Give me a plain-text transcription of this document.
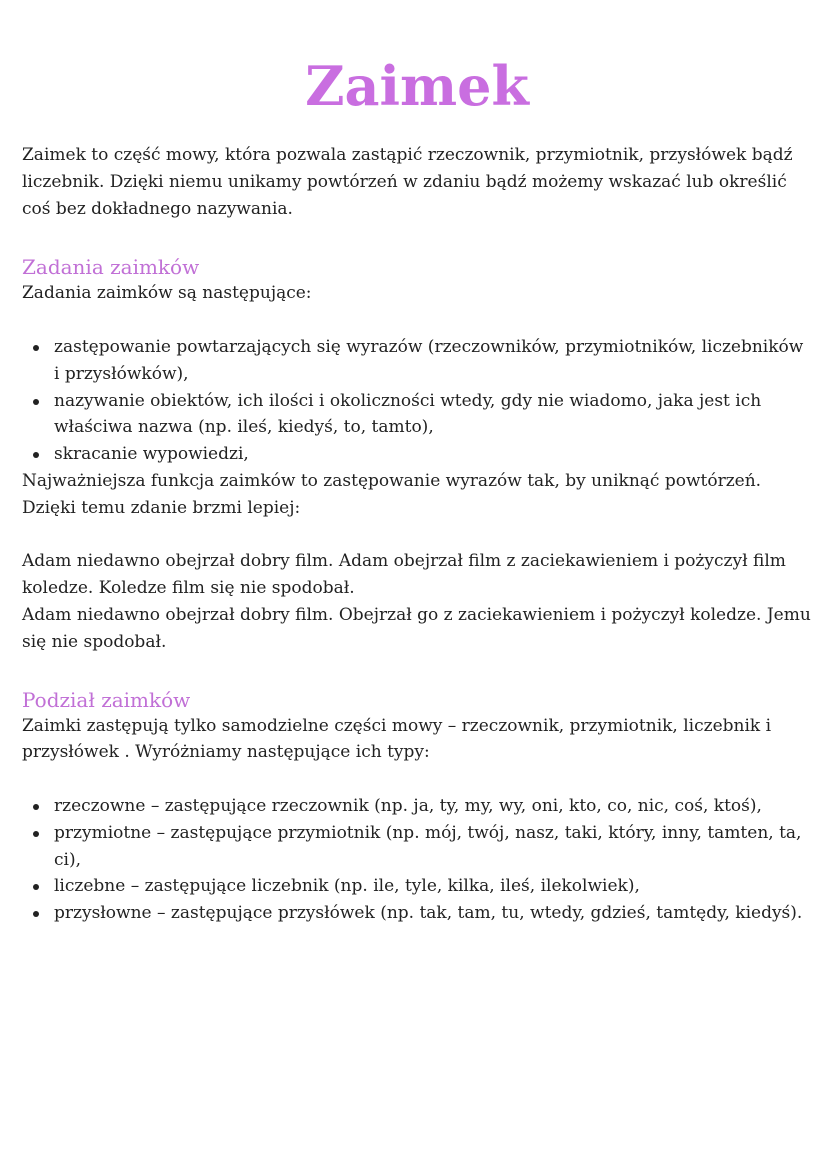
Zaimek

Zaimek to część mowy, która pozwala zastąpić rzeczownik, przymiotnik, przysłówek bądź liczebnik. Dzięki niemu unikamy powtórzeń w zdaniu bądź możemy wskazać lub określić coś bez dokładnego nazywania.

Zadania zaimków

Zadania zaimków są następujące:

zastępowanie powtarzających się wyrazów (rzeczowników, przymiotników, liczebników i przysłówków),
nazywanie obiektów, ich ilości i okoliczności wtedy, gdy nie wiadomo, jaka jest ich właściwa nazwa (np. ileś, kiedyś, to, tamto),
skracanie wypowiedzi,

Najważniejsza funkcja zaimków to zastępowanie wyrazów tak, by uniknąć powtórzeń. Dzięki temu zdanie brzmi lepiej:

Adam niedawno obejrzał dobry film. Adam obejrzał film z zaciekawieniem i pożyczył film koledze. Koledze film się nie spodobał.

Adam niedawno obejrzał dobry film. Obejrzał go z zaciekawieniem i pożyczył koledze. Jemu się nie spodobał.

Podział zaimków

Zaimki zastępują tylko samodzielne części mowy – rzeczownik, przymiotnik, liczebnik i przysłówek . Wyróżniamy następujące ich typy:

rzeczowne – zastępujące rzeczownik (np. ja, ty, my, wy, oni, kto, co, nic, coś, ktoś),
przymiotne – zastępujące przymiotnik (np. mój, twój, nasz, taki, który, inny, tamten, ta, ci),
liczebne – zastępujące liczebnik (np. ile, tyle, kilka, ileś, ilekolwiek),
przysłowne – zastępujące przysłówek (np. tak, tam, tu, wtedy, gdzieś, tamtędy, kiedyś).
